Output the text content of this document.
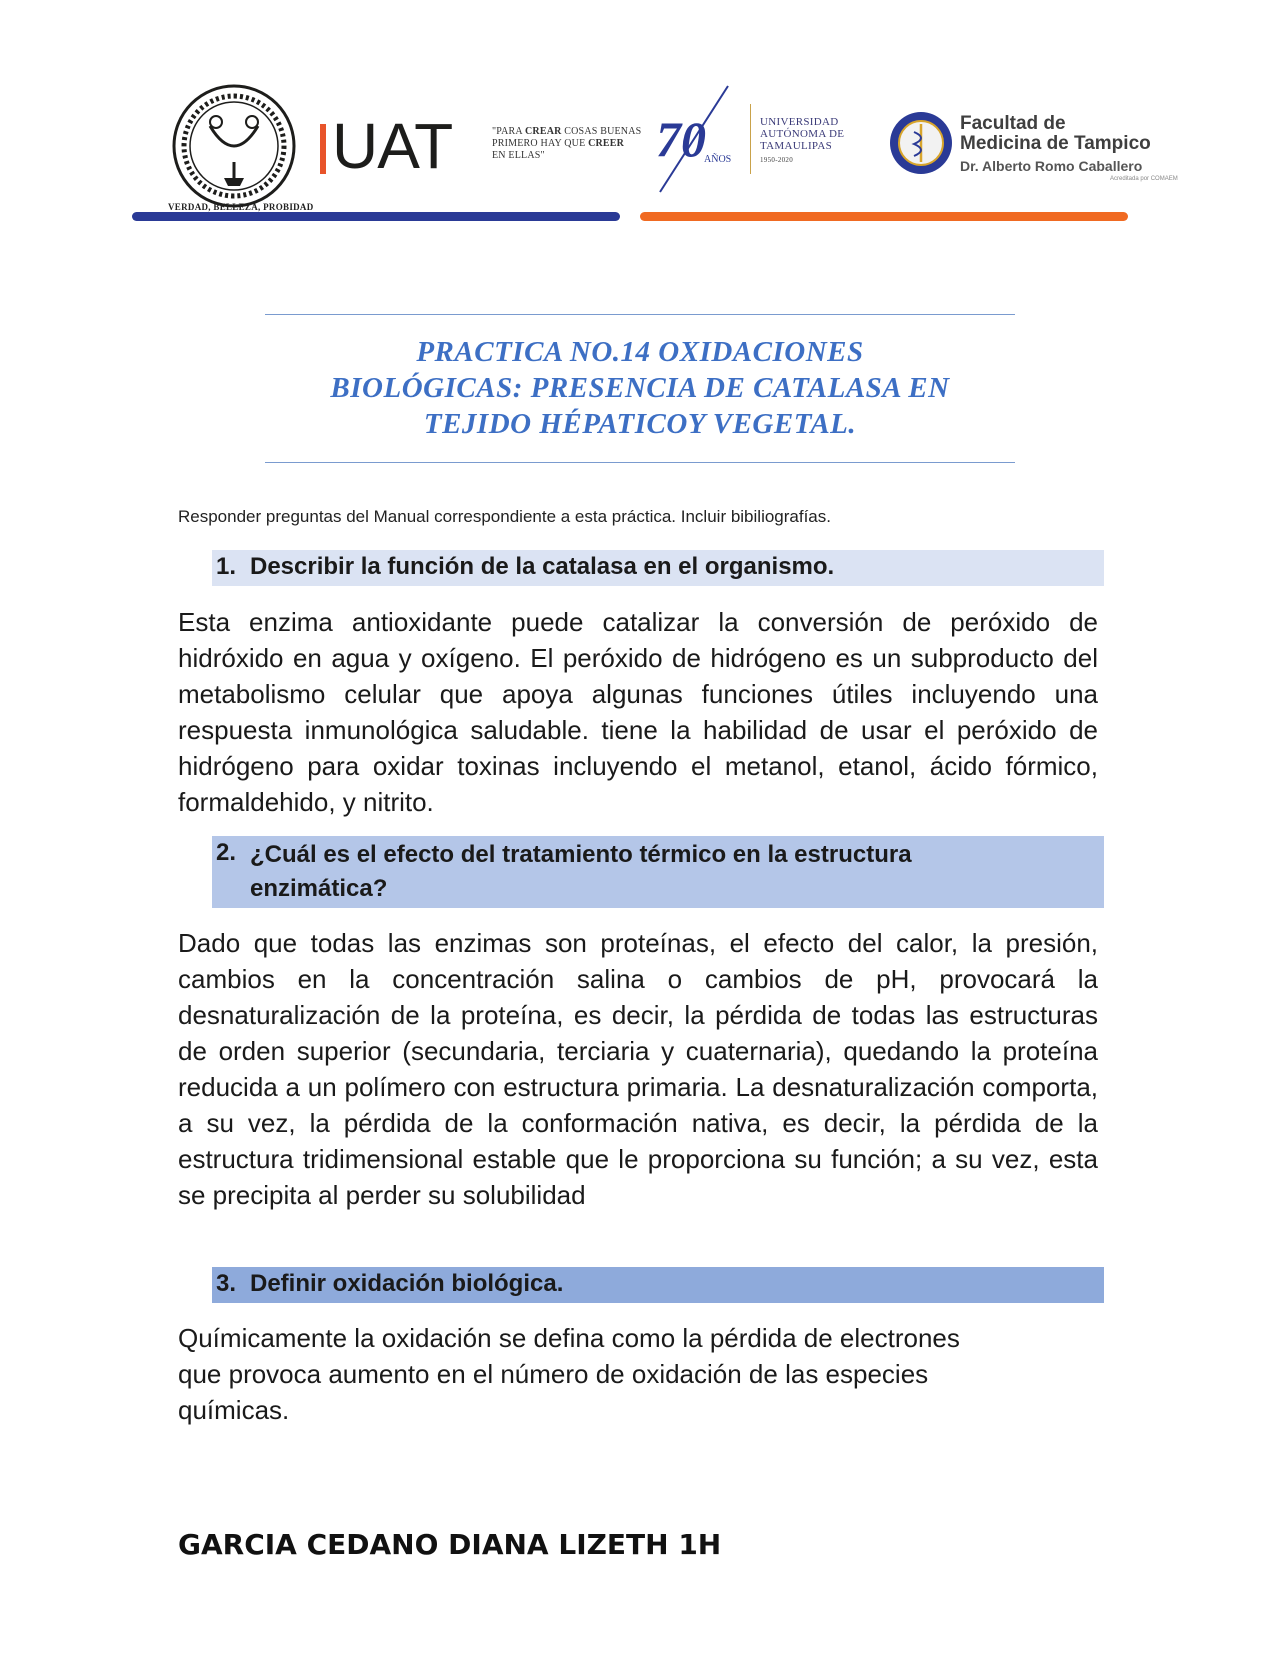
VERDAD, BELLEZA, PROBIDAD
UAT	"PARA CREAR COSAS BUENAS
PRIMERO HAY QUE CREER
EN ELLAS"	70
AÑOS
UNIVERSIDAD AUTÓNOMA DE TAMAULIPAS
1950-2020
Facultad de
Medicina de Tampico
Dr. Alberto Romo Caballero
Acreditada por COMAEM
PRACTICA NO.14 OXIDACIONES
BIOLÓGICAS: PRESENCIA DE CATALASA EN
TEJIDO HÉPATICOY VEGETAL.
Responder preguntas del Manual correspondiente a esta práctica. Incluir bibiliografías.
1. Describir la función de la catalasa en el organismo.

Esta enzima antioxidante puede catalizar la conversión de peróxido de hidróxido en agua y oxígeno. El peróxido de hidrógeno es un subproducto del metabolismo celular que apoya algunas funciones útiles incluyendo una respuesta inmunológica saludable. tiene la habilidad de usar el peróxido de hidrógeno para oxidar toxinas incluyendo el metanol, etanol, ácido fórmico, formaldehido, y nitrito.

2. ¿Cuál es el efecto del tratamiento térmico en la estructura
enzimática?

Dado que todas las enzimas son proteínas, el efecto del calor, la presión, cambios en la concentración salina o cambios de pH, provocará la desnaturalización de la proteína, es decir, la pérdida de todas las estructuras de orden superior (secundaria, terciaria y cuaternaria), quedando la proteína reducida a un polímero con estructura primaria. La desnaturalización comporta, a su vez, la pérdida de la conformación nativa, es decir, la pérdida de la estructura tridimensional estable que le proporciona su función; a su vez, esta se precipita al perder su solubilidad

3. Definir oxidación biológica.
Químicamente la oxidación se defina como la pérdida de electrones
que provoca aumento en el número de oxidación de las especies
químicas.
GARCIA CEDANO DIANA LIZETH 1H
